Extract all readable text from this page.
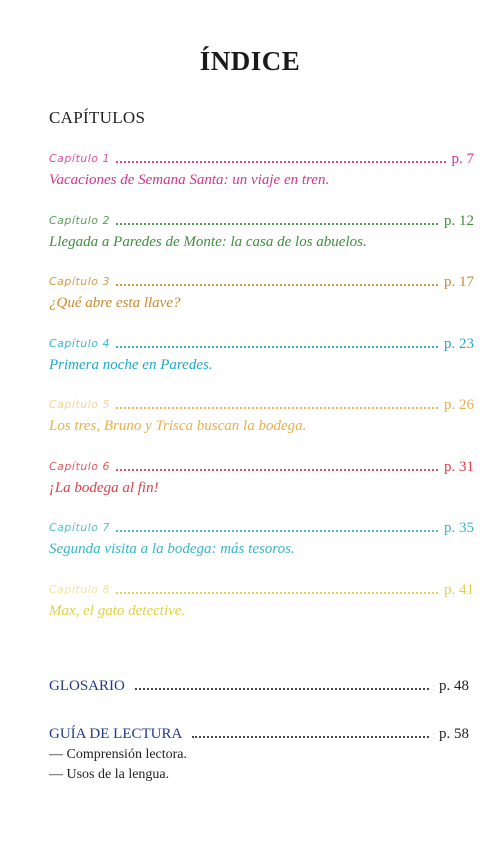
ÍNDICE
CAPÍTULOS
Capítulo 1	p. 7
Vacaciones de Semana Santa: un viaje en tren.
Capítulo 2	p. 12
Llegada a Paredes de Monte: la casa de los abuelos.
Capítulo 3	p. 17
¿Qué abre esta llave?
Capítulo 4	p. 23
Primera noche en Paredes.
Capítulo 5	p. 26
Los tres, Bruno y Trisca buscan la bodega.
Capítulo 6	p. 31
¡La bodega al fin!
Capítulo 7	p. 35
Segunda visita a la bodega: más tesoros.
Capítulo 8	p. 41
Max, el gato detective.
GLOSARIO	p. 48
GUÍA DE LECTURA	p. 58
— Comprensión lectora.
— Usos de la lengua.
